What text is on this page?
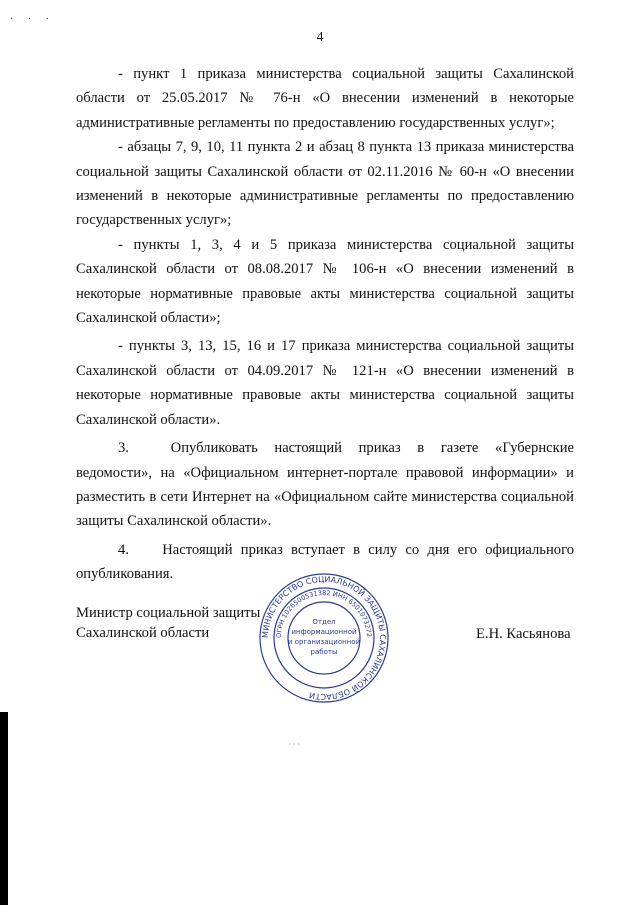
· · ·
4

- пункт 1 приказа министерства социальной защиты Сахалинской области от 25.05.2017 № 76-н «О внесении изменений в некоторые административные регламенты по предоставлению государственных услуг»;

- абзацы 7, 9, 10, 11 пункта 2 и абзац 8 пункта 13 приказа министерства социальной защиты Сахалинской области от 02.11.2016 № 60-н «О внесении изменений в некоторые административные регламенты по предоставлению государственных услуг»;

- пункты 1, 3, 4 и 5 приказа министерства социальной защиты Сахалинской области от 08.08.2017 № 106-н «О внесении изменений в некоторые нормативные правовые акты министерства социальной защиты Сахалинской области»;

- пункты 3, 13, 15, 16 и 17 приказа министерства социальной защиты Сахалинской области от 04.09.2017 № 121-н «О внесении изменений в некоторые нормативные правовые акты министерства социальной защиты Сахалинской области».

3.	Опубликовать настоящий приказ в газете «Губернские ведомости», на «Официальном интернет-портале правовой информации» и разместить в сети Интернет на «Официальном сайте министерства социальной защиты Сахалинской области».

4. Настоящий приказ вступает в силу со дня его официального опубликования.

Министр социальной защиты Сахалинской области	Е.Н. Касьянова
МИНИСТЕРСТВО СОЦИАЛЬНОЙ ЗАЩИТЫ САХАЛИНСКОЙ ОБЛАСТИ
ОГРН 1026500531382 ИНН 6501073272
Отдел
информационной
и организационной
работы
· · ·
